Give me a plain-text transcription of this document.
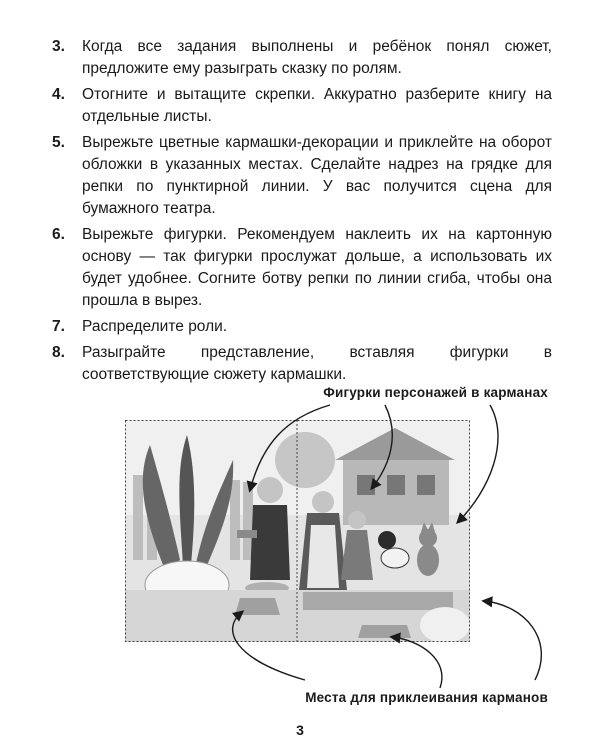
3. Когда все задания выполнены и ребёнок понял сюжет, предложите ему разыграть сказку по ролям.
4. Отогните и вытащите скрепки. Аккуратно разберите книгу на отдельные листы.
5. Вырежьте цветные кармашки-декорации и приклейте на оборот обложки в указанных местах. Сделайте надрез на грядке для репки по пунктирной линии. У вас получится сцена для бумажного театра.
6. Вырежьте фигурки. Рекомендуем наклеить их на картонную основу — так фигурки прослужат дольше, а использовать их будет удобнее. Согните ботву репки по линии сгиба, чтобы она прошла в вырез.
7. Распределите роли.
8. Разыграйте представление, вставляя фигурки в соответствующие сюжету кармашки.
Фигурки персонажей в карманах
Места для приклеивания карманов
3
